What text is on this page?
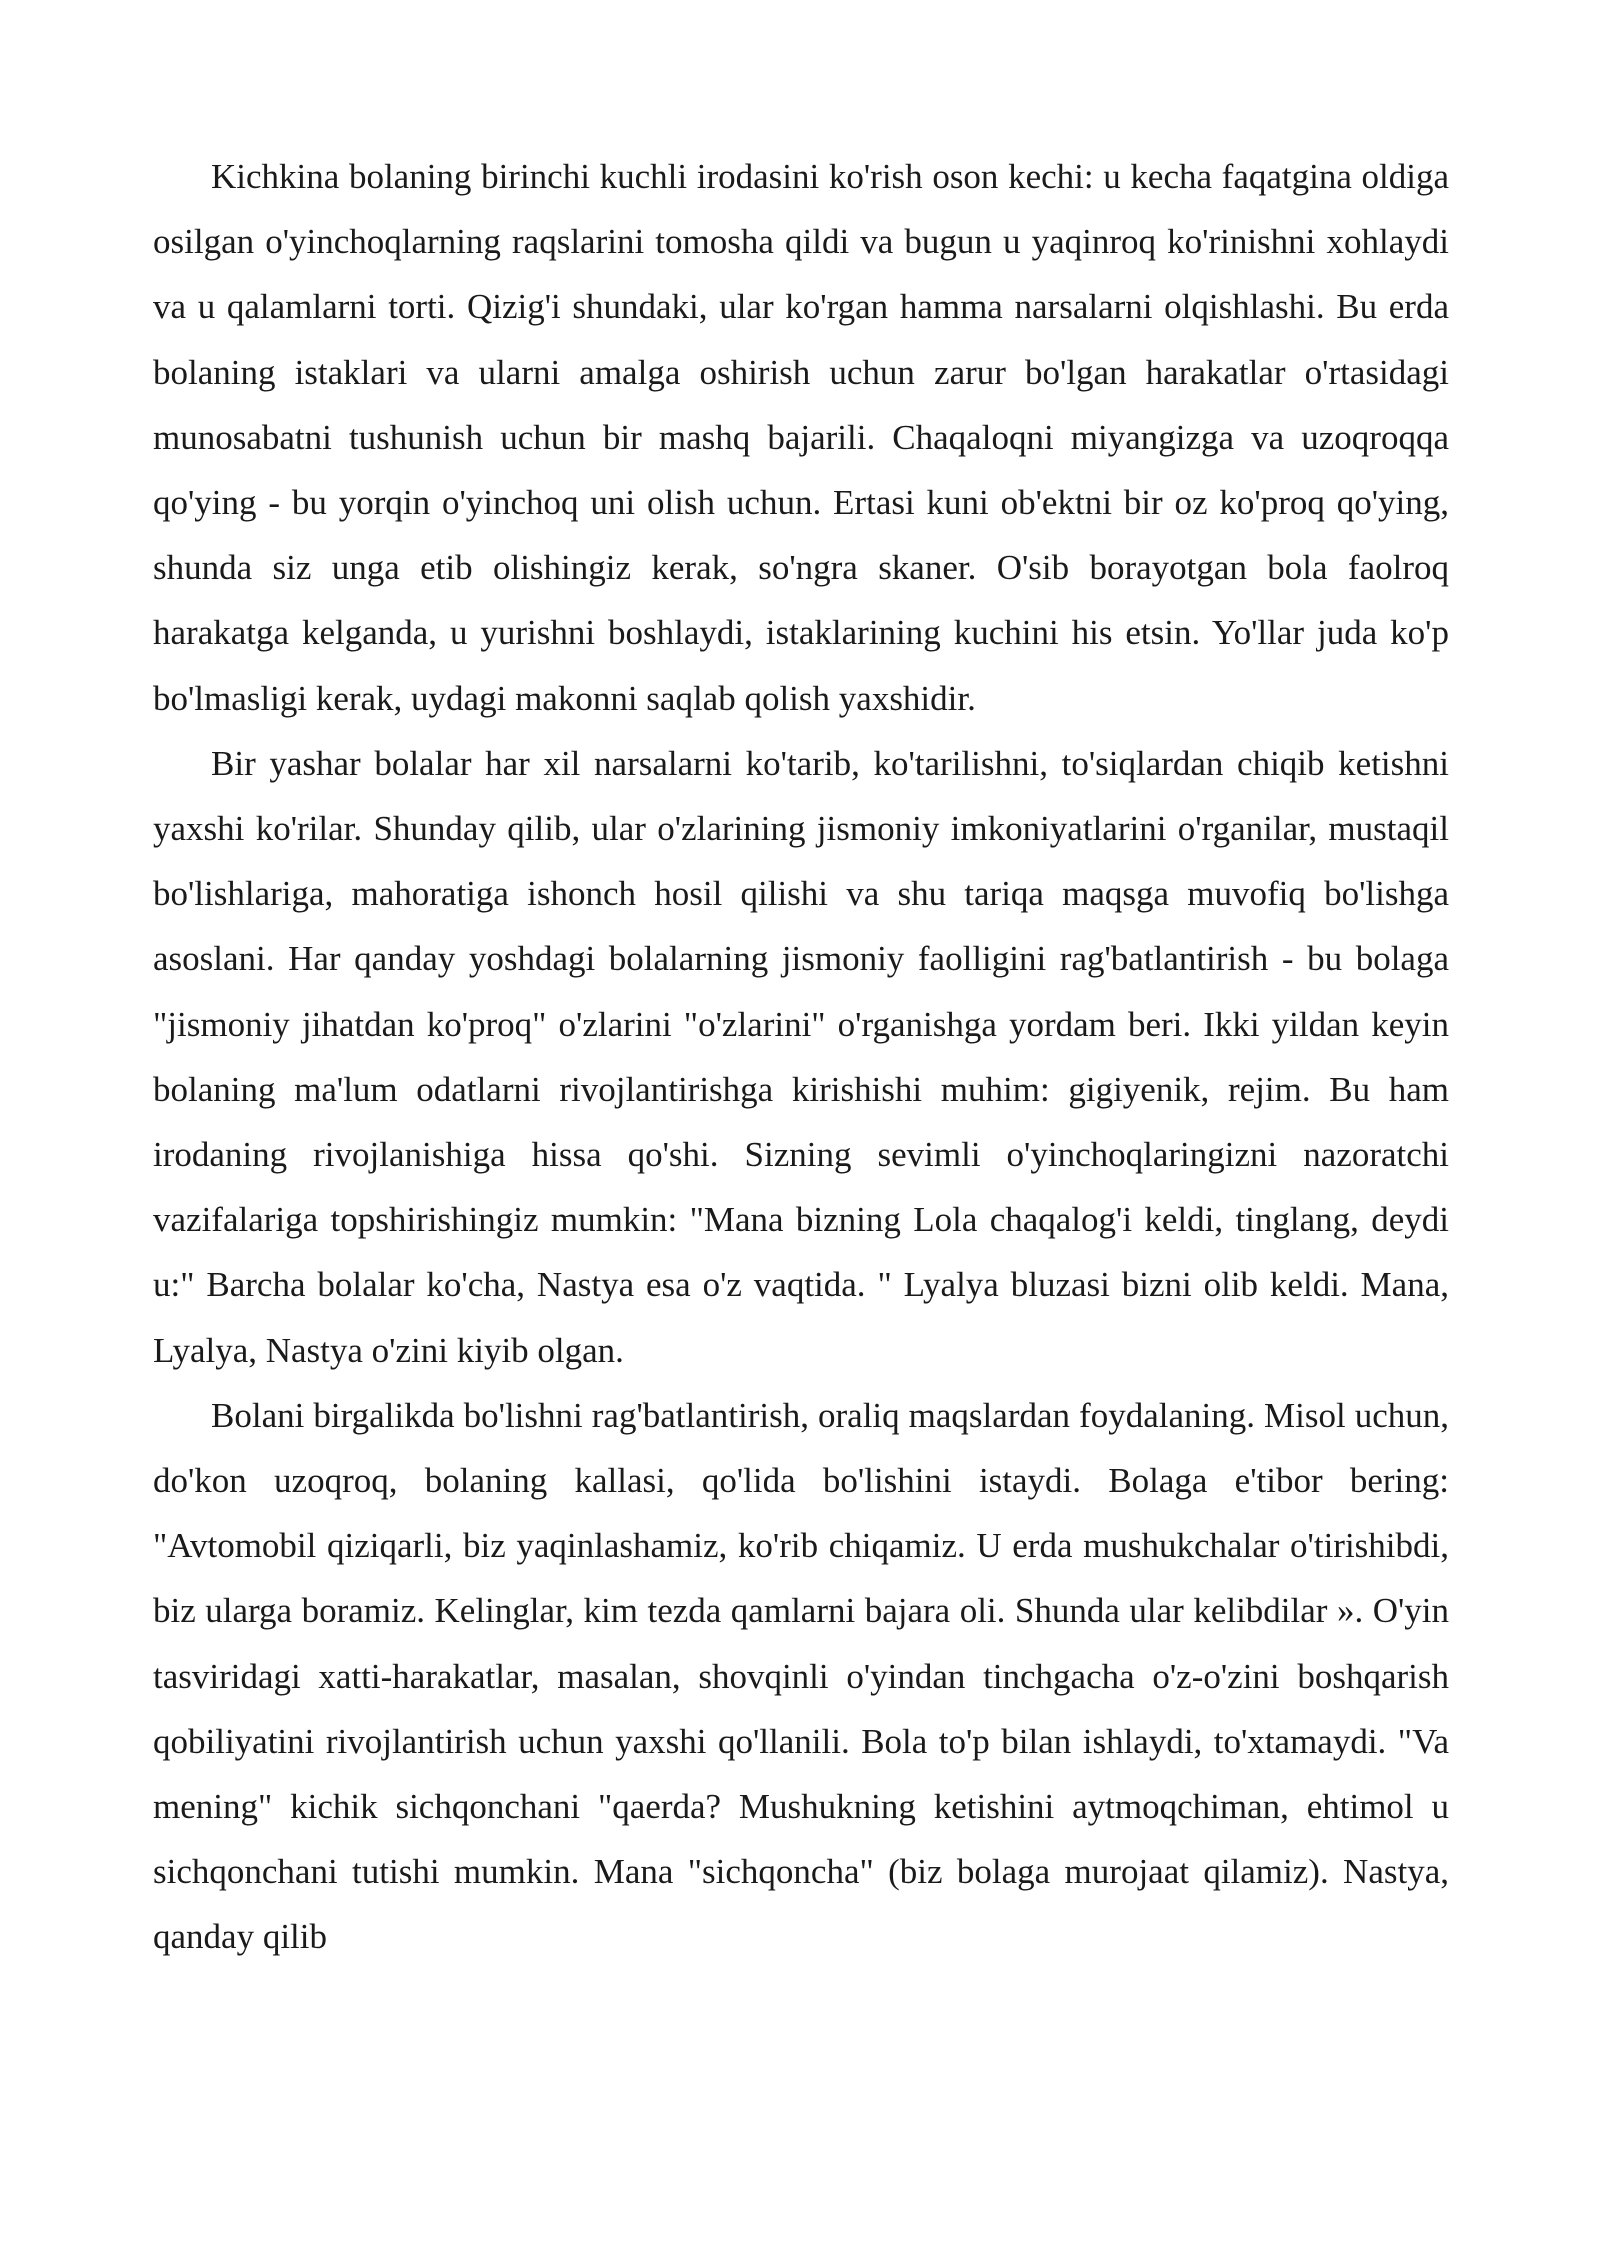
Kichkina bolaning birinchi kuchli irodasini ko'rish oson kechi: u kecha faqatgina oldiga osilgan o'yinchoqlarning raqslarini tomosha qildi va bugun u yaqinroq ko'rinishni xohlaydi va u qalamlarni torti. Qizig'i shundaki, ular ko'rgan hamma narsalarni olqishlashi. Bu erda bolaning istaklari va ularni amalga oshirish uchun zarur bo'lgan harakatlar o'rtasidagi munosabatni tushunish uchun bir mashq bajarili. Chaqaloqni miyangizga va uzoqroqqa qo'ying - bu yorqin o'yinchoq uni olish uchun. Ertasi kuni ob'ektni bir oz ko'proq qo'ying, shunda siz unga etib olishingiz kerak, so'ngra skaner. O'sib borayotgan bola faolroq harakatga kelganda, u yurishni boshlaydi, istaklarining kuchini his etsin. Yo'llar juda ko'p bo'lmasligi kerak, uydagi makonni saqlab qolish yaxshidir.

Bir yashar bolalar har xil narsalarni ko'tarib, ko'tarilishni, to'siqlardan chiqib ketishni yaxshi ko'rilar. Shunday qilib, ular o'zlarining jismoniy imkoniyatlarini o'rganilar, mustaqil bo'lishlariga, mahoratiga ishonch hosil qilishi va shu tariqa maqsga muvofiq bo'lishga asoslani. Har qanday yoshdagi bolalarning jismoniy faolligini rag'batlantirish - bu bolaga "jismoniy jihatdan ko'proq" o'zlarini "o'zlarini" o'rganishga yordam beri. Ikki yildan keyin bolaning ma'lum odatlarni rivojlantirishga kirishishi muhim: gigiyenik, rejim. Bu ham irodaning rivojlanishiga hissa qo'shi. Sizning sevimli o'yinchoqlaringizni nazoratchi vazifalariga topshirishingiz mumkin: "Mana bizning Lola chaqalog'i keldi, tinglang, deydi u:" Barcha bolalar ko'cha, Nastya esa o'z vaqtida. " Lyalya bluzasi bizni olib keldi. Mana, Lyalya, Nastya o'zini kiyib olgan.

Bolani birgalikda bo'lishni rag'batlantirish, oraliq maqslardan foydalaning. Misol uchun, do'kon uzoqroq, bolaning kallasi, qo'lida bo'lishini istaydi. Bolaga e'tibor bering: "Avtomobil qiziqarli, biz yaqinlashamiz, ko'rib chiqamiz. U erda mushukchalar o'tirishibdi, biz ularga boramiz. Kelinglar, kim tezda qamlarni bajara oli. Shunda ular kelibdilar ». O'yin tasviridagi xatti-harakatlar, masalan, shovqinli o'yindan tinchgacha o'z-o'zini boshqarish qobiliyatini rivojlantirish uchun yaxshi qo'llanili. Bola to'p bilan ishlaydi, to'xtamaydi. "Va mening" kichik sichqonchani "qaerda? Mushukning ketishini aytmoqchiman, ehtimol u sichqonchani tutishi mumkin. Mana "sichqoncha" (biz bolaga murojaat qilamiz). Nastya, qanday qilib
